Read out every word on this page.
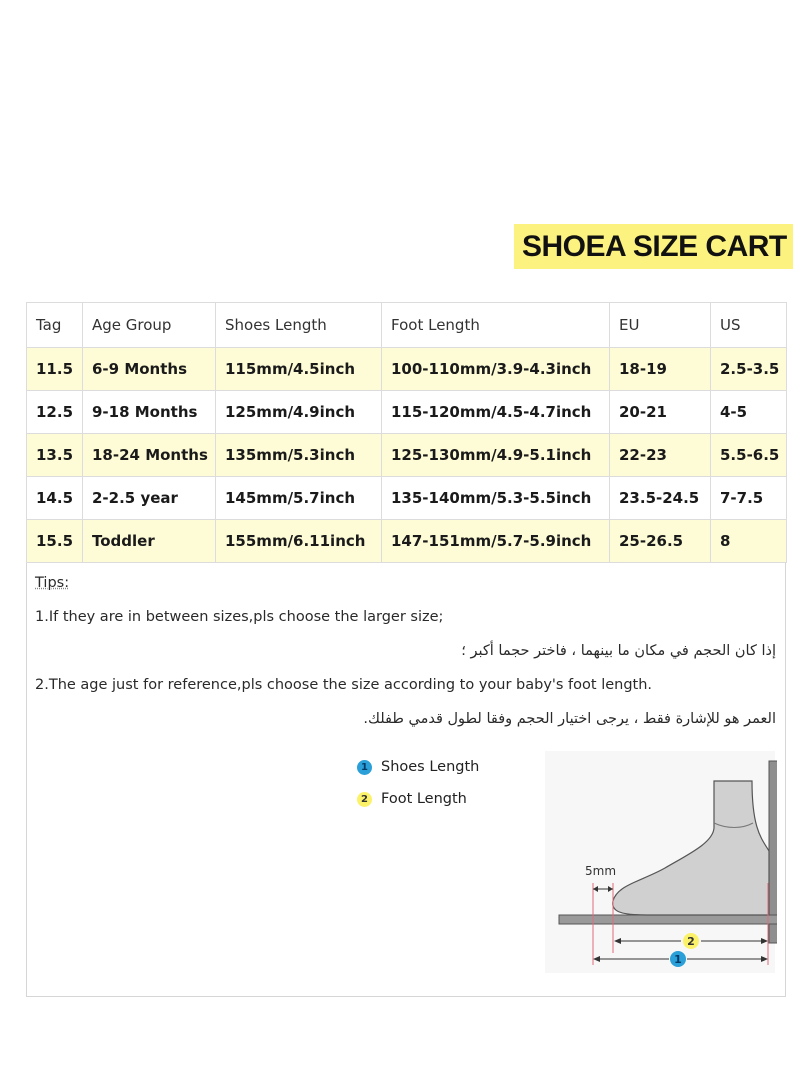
SHOEA SIZE CART
Tag	Age Group	Shoes Length	Foot Length	EU	US
11.5	6-9 Months	115mm/4.5inch	100-110mm/3.9-4.3inch	18-19	2.5-3.5
12.5	9-18 Months	125mm/4.9inch	115-120mm/4.5-4.7inch	20-21	4-5
13.5	18-24 Months	135mm/5.3inch	125-130mm/4.9-5.1inch	22-23	5.5-6.5
14.5	2-2.5 year	145mm/5.7inch	135-140mm/5.3-5.5inch	23.5-24.5	7-7.5
15.5	Toddler	155mm/6.11inch	147-151mm/5.7-5.9inch	25-26.5	8
Tips:
1.If they are in between sizes,pls choose the larger size;
إذا كان الحجم في مكان ما بينهما ، فاختر حجما أكبر ؛
2.The age just for reference,pls choose the size according to your baby's foot length.
العمر هو للإشارة فقط ، يرجى اختيار الحجم وفقا لطول قدمي طفلك.
1 Shoes Length
2 Foot Length
5mm
2
1
